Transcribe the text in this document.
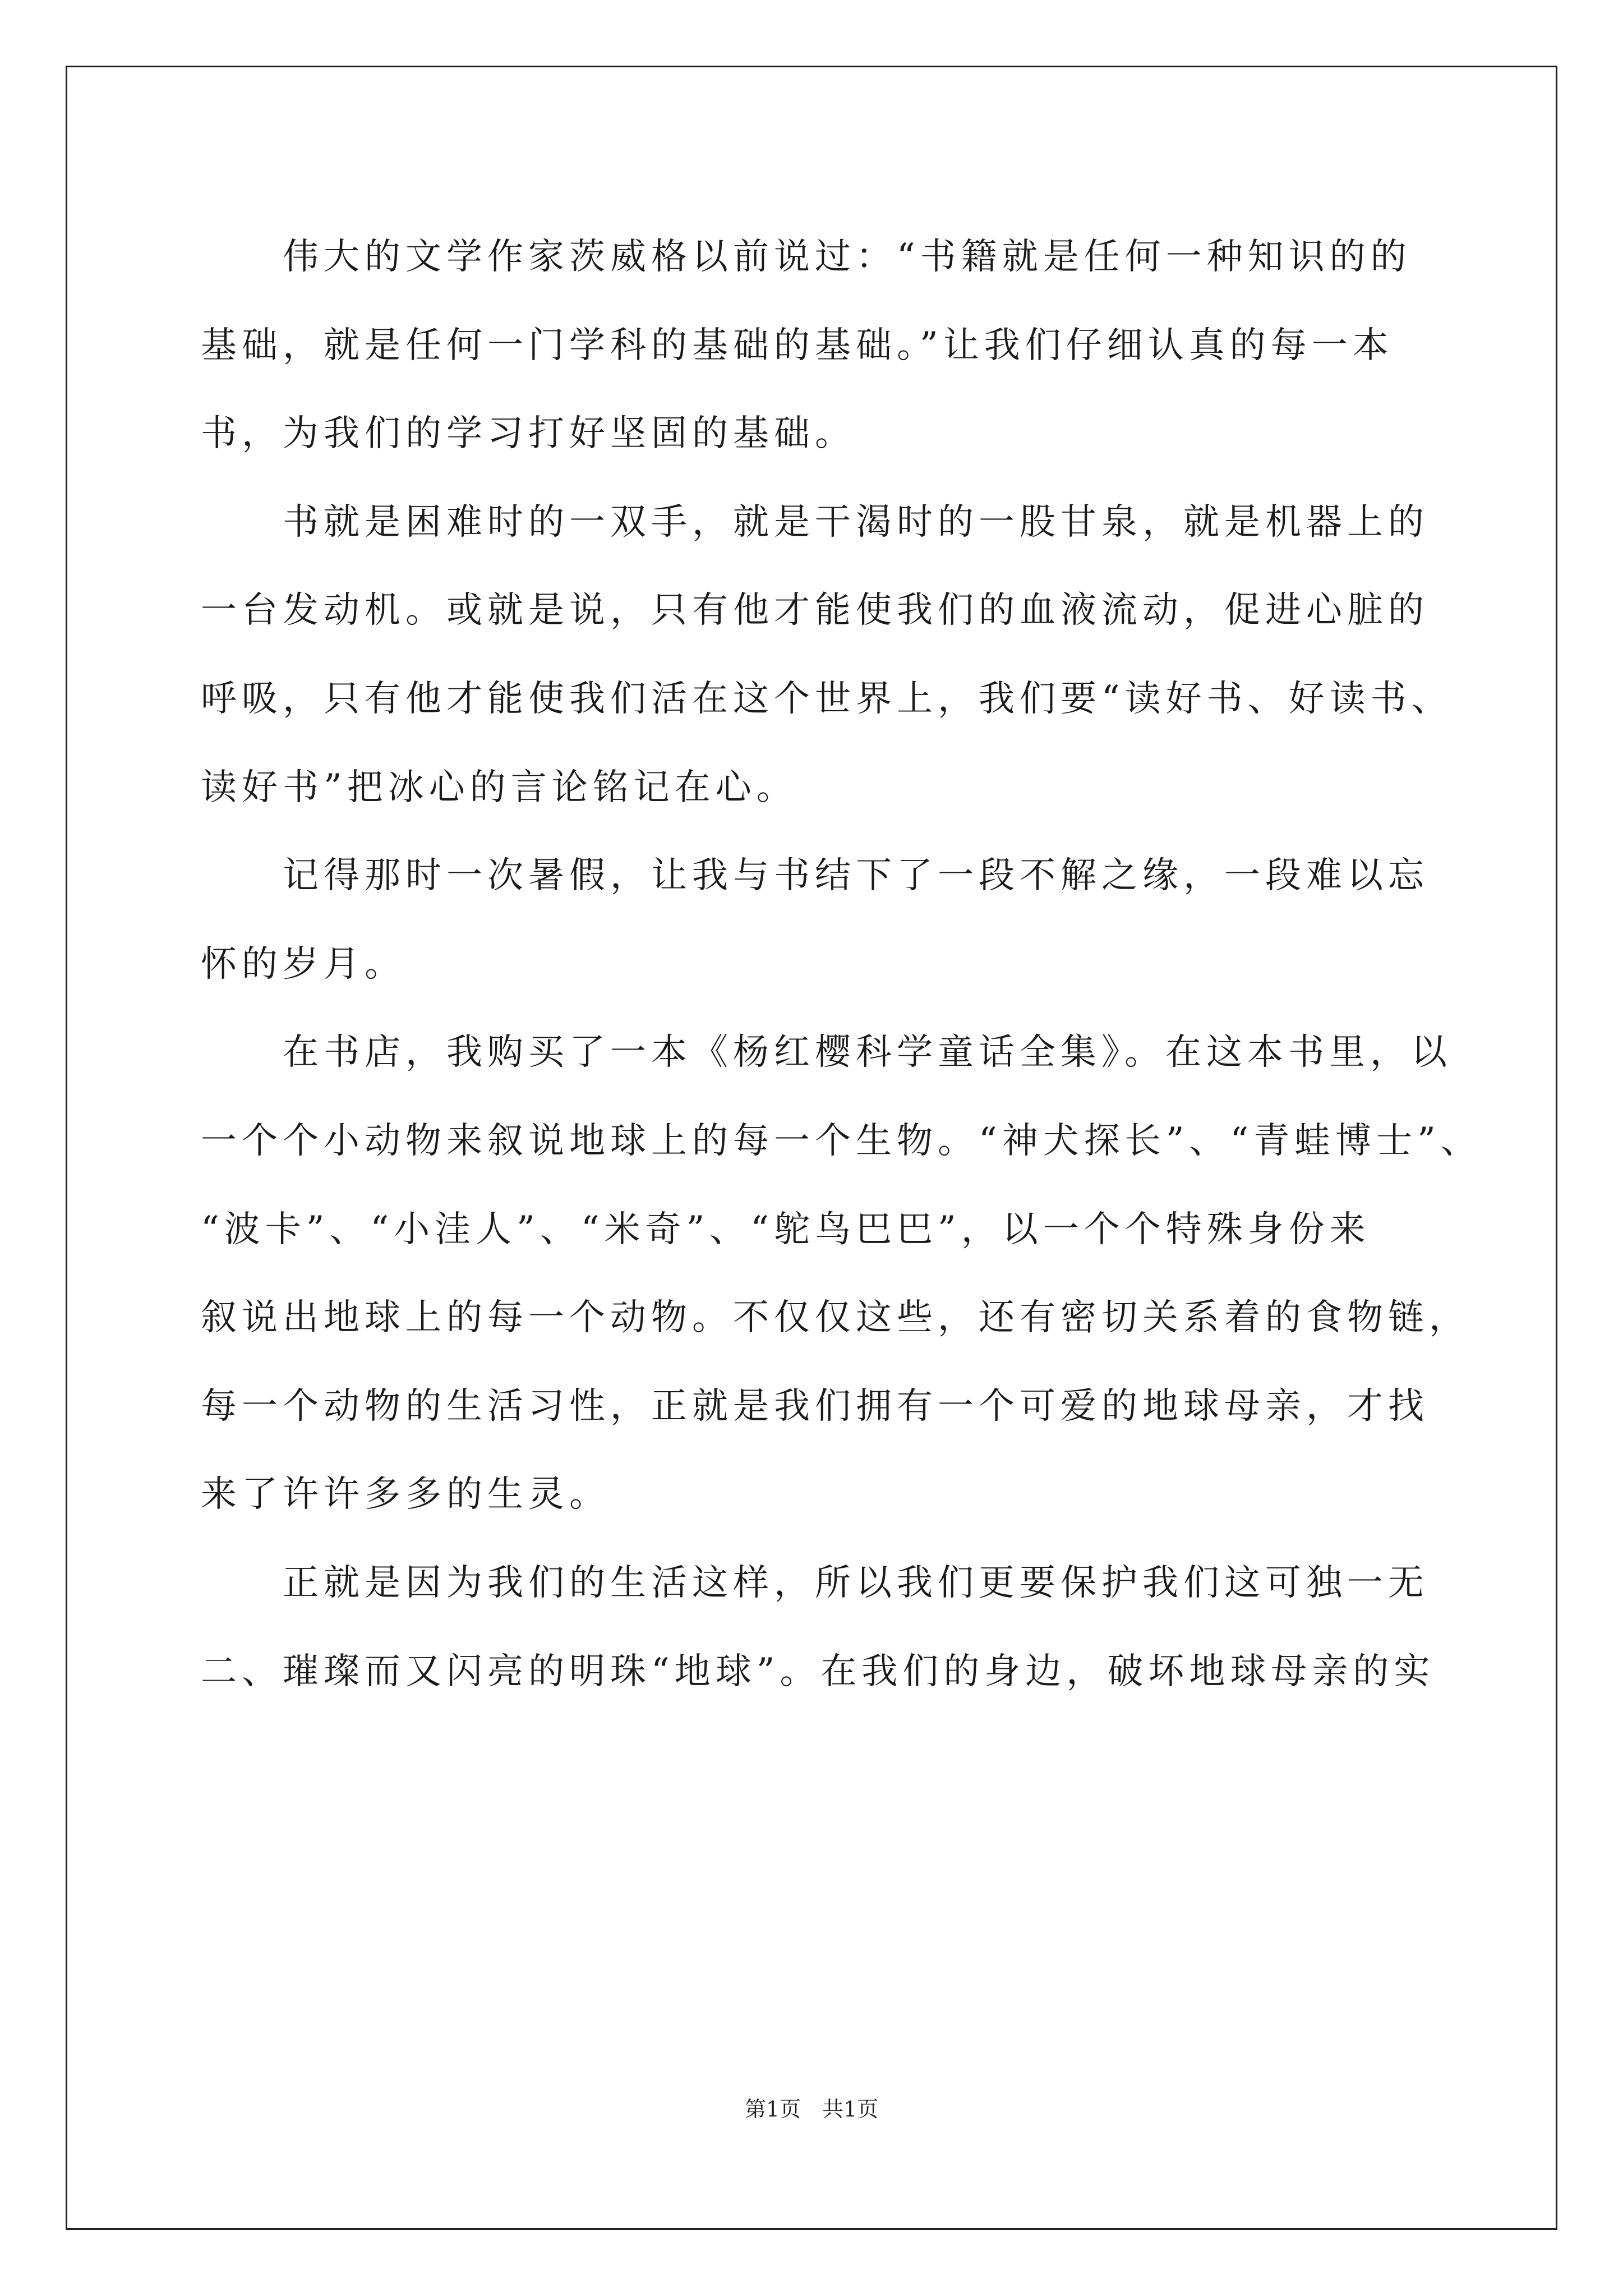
　　伟大的文学作家茨威格以前说过：“书籍就是任何一种知识的的
基础，就是任何一门学科的基础的基础。”让我们仔细认真的每一本
书，为我们的学习打好坚固的基础。
　　书就是困难时的一双手，就是干渴时的一股甘泉，就是机器上的
一台发动机。或就是说，只有他才能使我们的血液流动，促进心脏的
呼吸，只有他才能使我们活在这个世界上，我们要“读好书、好读书、
读好书”把冰心的言论铭记在心。
　　记得那时一次暑假，让我与书结下了一段不解之缘，一段难以忘
怀的岁月。
　　在书店，我购买了一本《杨红樱科学童话全集》。在这本书里，以
一个个小动物来叙说地球上的每一个生物。“神犬探长”、“青蛙博士”、
“波卡”、“小洼人”、“米奇”、“鸵鸟巴巴”，以一个个特殊身份来
叙说出地球上的每一个动物。不仅仅这些，还有密切关系着的食物链，
每一个动物的生活习性，正就是我们拥有一个可爱的地球母亲，才找
来了许许多多的生灵。
　　正就是因为我们的生活这样，所以我们更要保护我们这可独一无
二、璀璨而又闪亮的明珠“地球”。在我们的身边，破坏地球母亲的实
第1页　共1页
